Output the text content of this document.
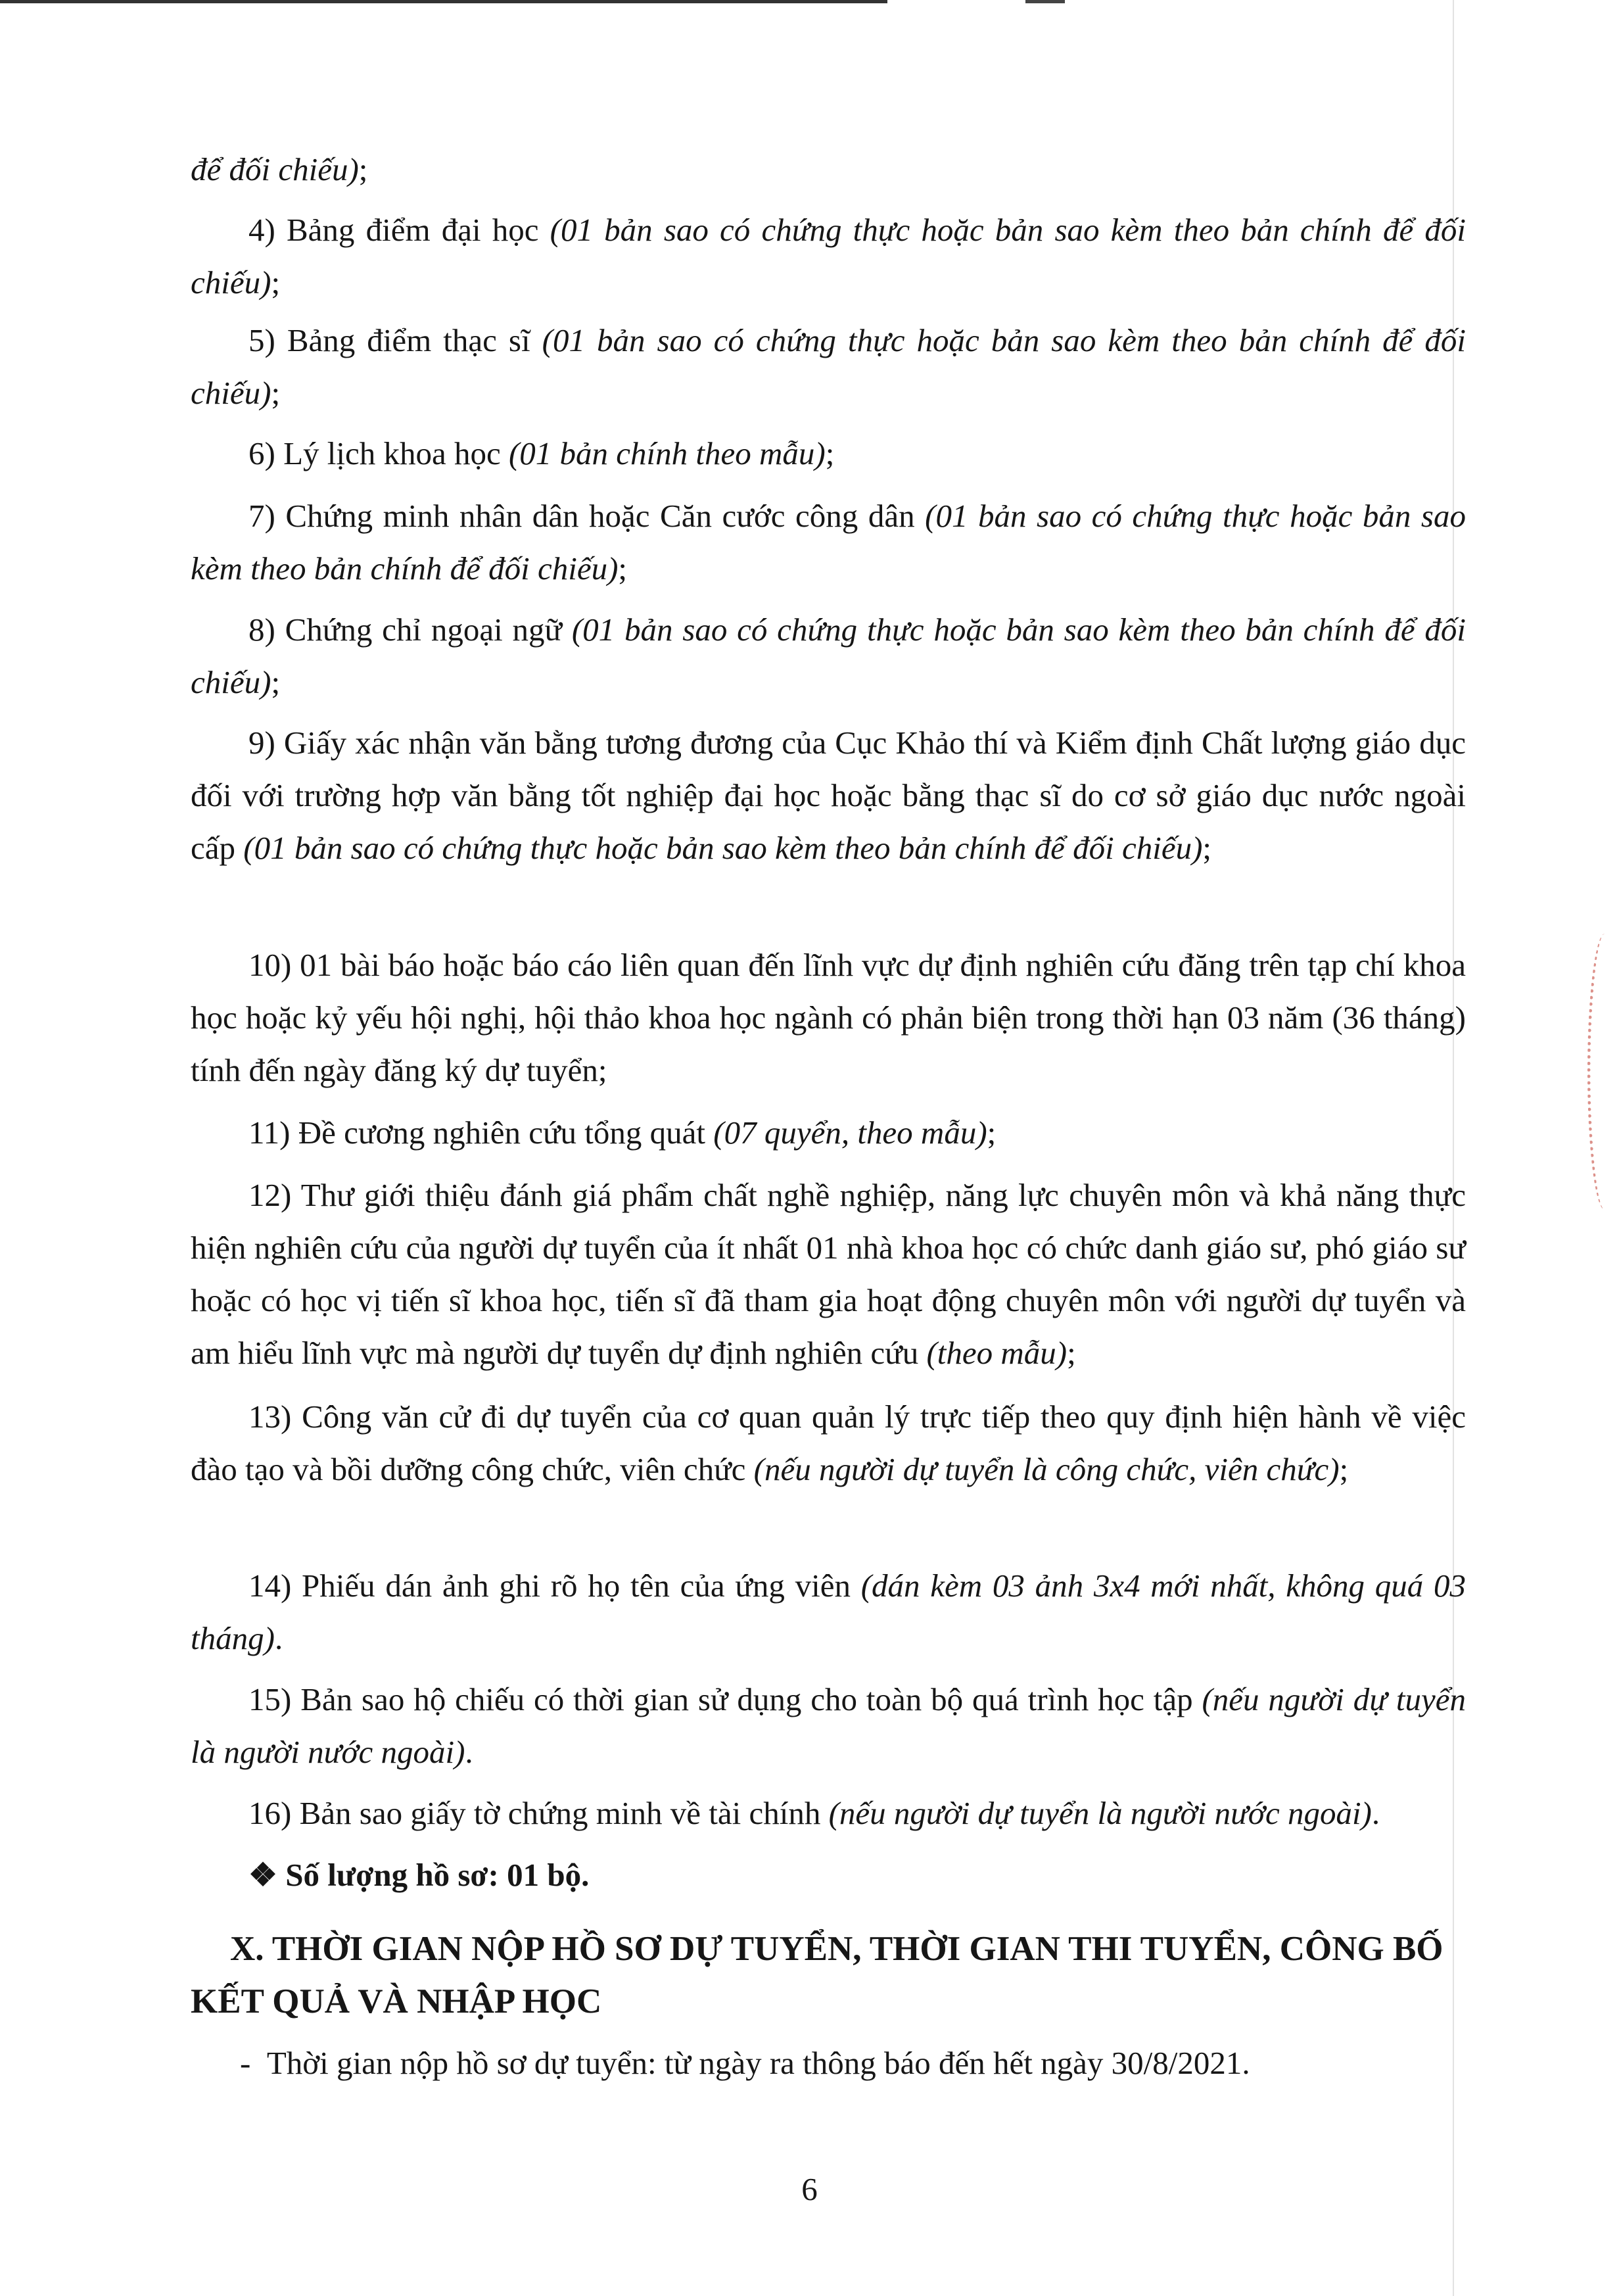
để đối chiếu);

4) Bảng điểm đại học (01 bản sao có chứng thực hoặc bản sao kèm theo bản chính để đối chiếu);

5) Bảng điểm thạc sĩ (01 bản sao có chứng thực hoặc bản sao kèm theo bản chính để đối chiếu);

6) Lý lịch khoa học (01 bản chính theo mẫu);

7) Chứng minh nhân dân hoặc Căn cước công dân (01 bản sao có chứng thực hoặc bản sao kèm theo bản chính để đối chiếu);

8) Chứng chỉ ngoại ngữ (01 bản sao có chứng thực hoặc bản sao kèm theo bản chính để đối chiếu);

9) Giấy xác nhận văn bằng tương đương của Cục Khảo thí và Kiểm định Chất lượng giáo dục đối với trường hợp văn bằng tốt nghiệp đại học hoặc bằng thạc sĩ do cơ sở giáo dục nước ngoài cấp (01 bản sao có chứng thực hoặc bản sao kèm theo bản chính để đối chiếu);

10) 01 bài báo hoặc báo cáo liên quan đến lĩnh vực dự định nghiên cứu đăng trên tạp chí khoa học hoặc kỷ yếu hội nghị, hội thảo khoa học ngành có phản biện trong thời hạn 03 năm (36 tháng) tính đến ngày đăng ký dự tuyển;

11) Đề cương nghiên cứu tổng quát (07 quyển, theo mẫu);

12) Thư giới thiệu đánh giá phẩm chất nghề nghiệp, năng lực chuyên môn và khả năng thực hiện nghiên cứu của người dự tuyển của ít nhất 01 nhà khoa học có chức danh giáo sư, phó giáo sư hoặc có học vị tiến sĩ khoa học, tiến sĩ đã tham gia hoạt động chuyên môn với người dự tuyển và am hiểu lĩnh vực mà người dự tuyển dự định nghiên cứu (theo mẫu);

13) Công văn cử đi dự tuyển của cơ quan quản lý trực tiếp theo quy định hiện hành về việc đào tạo và bồi dưỡng công chức, viên chức (nếu người dự tuyển là công chức, viên chức);

14) Phiếu dán ảnh ghi rõ họ tên của ứng viên (dán kèm 03 ảnh 3x4 mới nhất, không quá 03 tháng).

15) Bản sao hộ chiếu có thời gian sử dụng cho toàn bộ quá trình học tập (nếu người dự tuyển là người nước ngoài).

16) Bản sao giấy tờ chứng minh về tài chính (nếu người dự tuyển là người nước ngoài).

❖ Số lượng hồ sơ: 01 bộ.

X. THỜI GIAN NỘP HỒ SƠ DỰ TUYỂN, THỜI GIAN THI TUYỂN, CÔNG BỐ KẾT QUẢ VÀ NHẬP HỌC

- Thời gian nộp hồ sơ dự tuyển: từ ngày ra thông báo đến hết ngày 30/8/2021.

6
